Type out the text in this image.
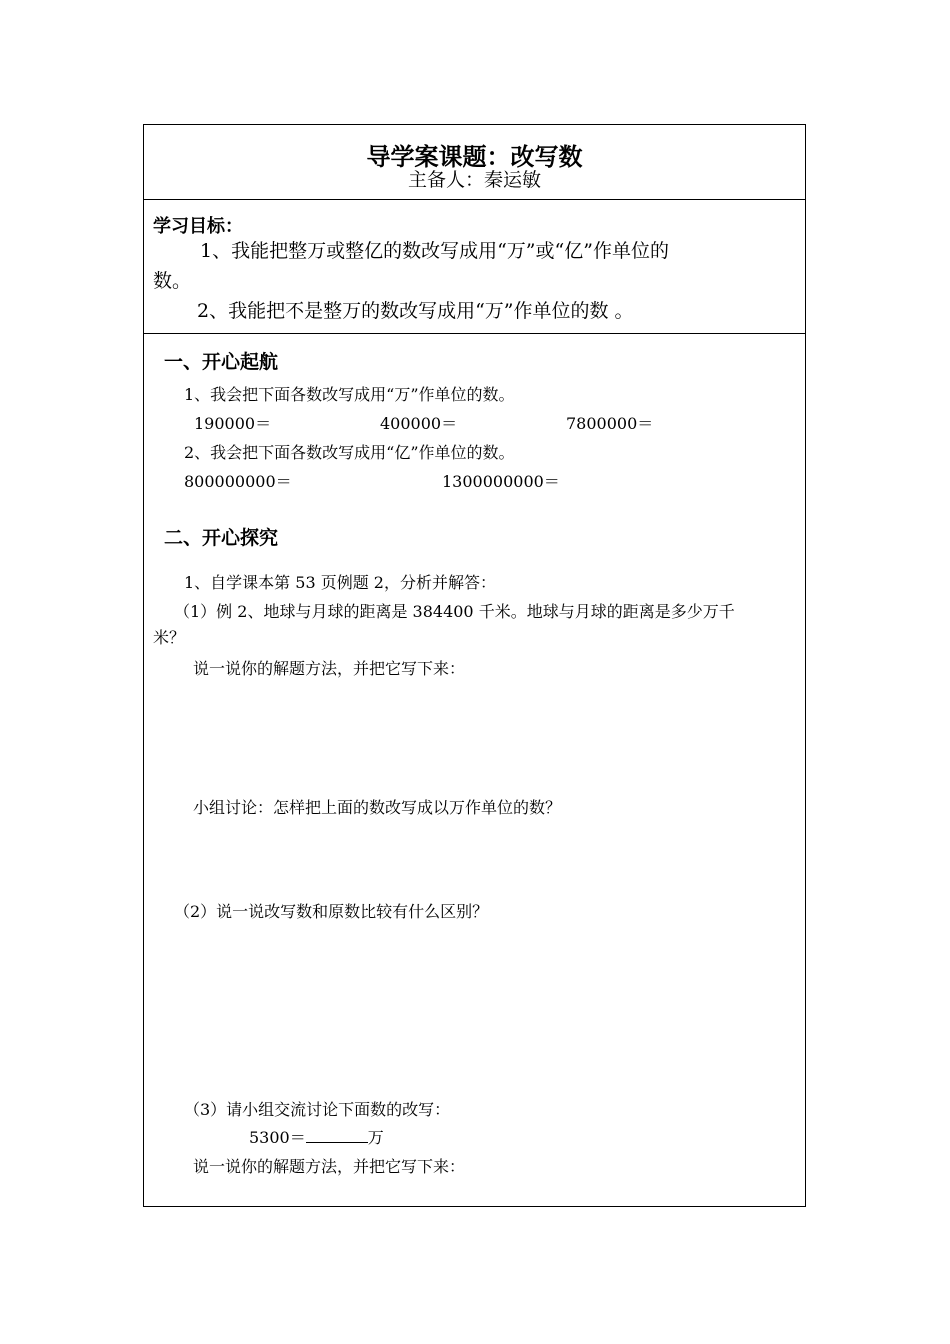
导学案课题：改写数
主备人：秦运敏
学习目标：
1、我能把整万或整亿的数改写成用“万”或“亿”作单位的
数。
2、我能把不是整万的数改写成用“万”作单位的数 。
一、开心起航
1、我会把下面各数改写成用“万”作单位的数。
190000＝	400000＝	7800000＝
2、我会把下面各数改写成用“亿”作单位的数。
800000000＝	1300000000＝
二、开心探究
1、自学课本第 53 页例题 2，分析并解答：
（1）例 2、地球与月球的距离是 384400 千米。地球与月球的距离是多少万千
米？
说一说你的解题方法，并把它写下来：
小组讨论：怎样把上面的数改写成以万作单位的数？
（2）说一说改写数和原数比较有什么区别？
（3）请小组交流讨论下面数的改写：
5300＝	万
说一说你的解题方法，并把它写下来：
